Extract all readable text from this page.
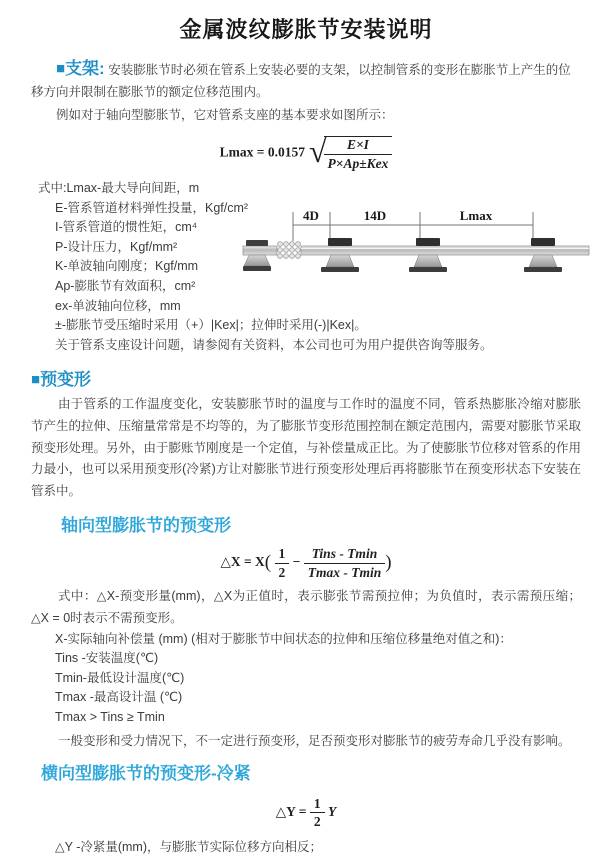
金属波纹膨胀节安装说明

■支架: 安装膨胀节时必须在管系上安装必要的支架，以控制管系的变形在膨胀节上产生的位移方向并限制在膨胀节的额定位移范围内。

例如对于轴向型膨胀节，它对管系支座的基本要求如图所示：

Lmax = 0.0157 √
$\frac{E\times I}{\text{P×Ap±Kex}}$
式中:Lmax-最大导向间距，m
E-管系管道材料弹性投量，Kgf/cm²
I-管系管道的惯性矩，cm⁴
P-设计压力，Kgf/mm²
K-单波轴向刚度；Kgf/mm
Ap-膨胀节有效面积，cm²
ex-单波轴向位移，mm
±-膨胀节受压缩时采用（+）|Kex|；拉伸时采用(-)|Kex|。
关于管系支座设计问题，请参阅有关资料，本公司也可为用户提供咨询等服务。
4D	14D	Lmax
■预变形

由于管系的工作温度变化，安装膨胀节时的温度与工作时的温度不同，管系热膨胀冷缩对膨胀节产生的拉伸、压缩量常常是不均等的，为了膨胀节变形范围控制在额定范围内，需要对膨胀节采取预变形处理。另外，由于膨账节刚度是一个定值，与补偿量成正比。为了使膨胀节位移对管系的作用力最小，也可以采用预变形(冷紧)方让对膨胀节进行预变形处理后再将膨胀节在预变形状态下安装在管系中。

轴向型膨胀节的预变形
△X = $X( \frac{1}{2} - \frac{\text{Tins - Tmin}}{Tmax - Tmin}$ )

式中：△X-预变形量(mm)，△X为正值时，表示膨张节需预拉伸；为负值时，表示需预压缩；△X = 0时表示不需预变形。

X-实际轴向补偿量 (mm) (相对于膨胀节中间状态的拉伸和压缩位移量绝对值之和)：
Tins -安装温度(℃)
Tmin-最低设计温度(℃)
Tmax -最高设计温 (℃)
Tmax > Tins ≥ Tmin

一般变形和受力情况下，不一定进行预变形，足否预变形对膨胀节的疲劳寿命几乎没有影响。

横向型膨胀节的预变形-冷紧
△Y = $\frac{1}{2}$ Y
△Y -冷紧量(mm)，与膨胀节实际位移方向相反；
